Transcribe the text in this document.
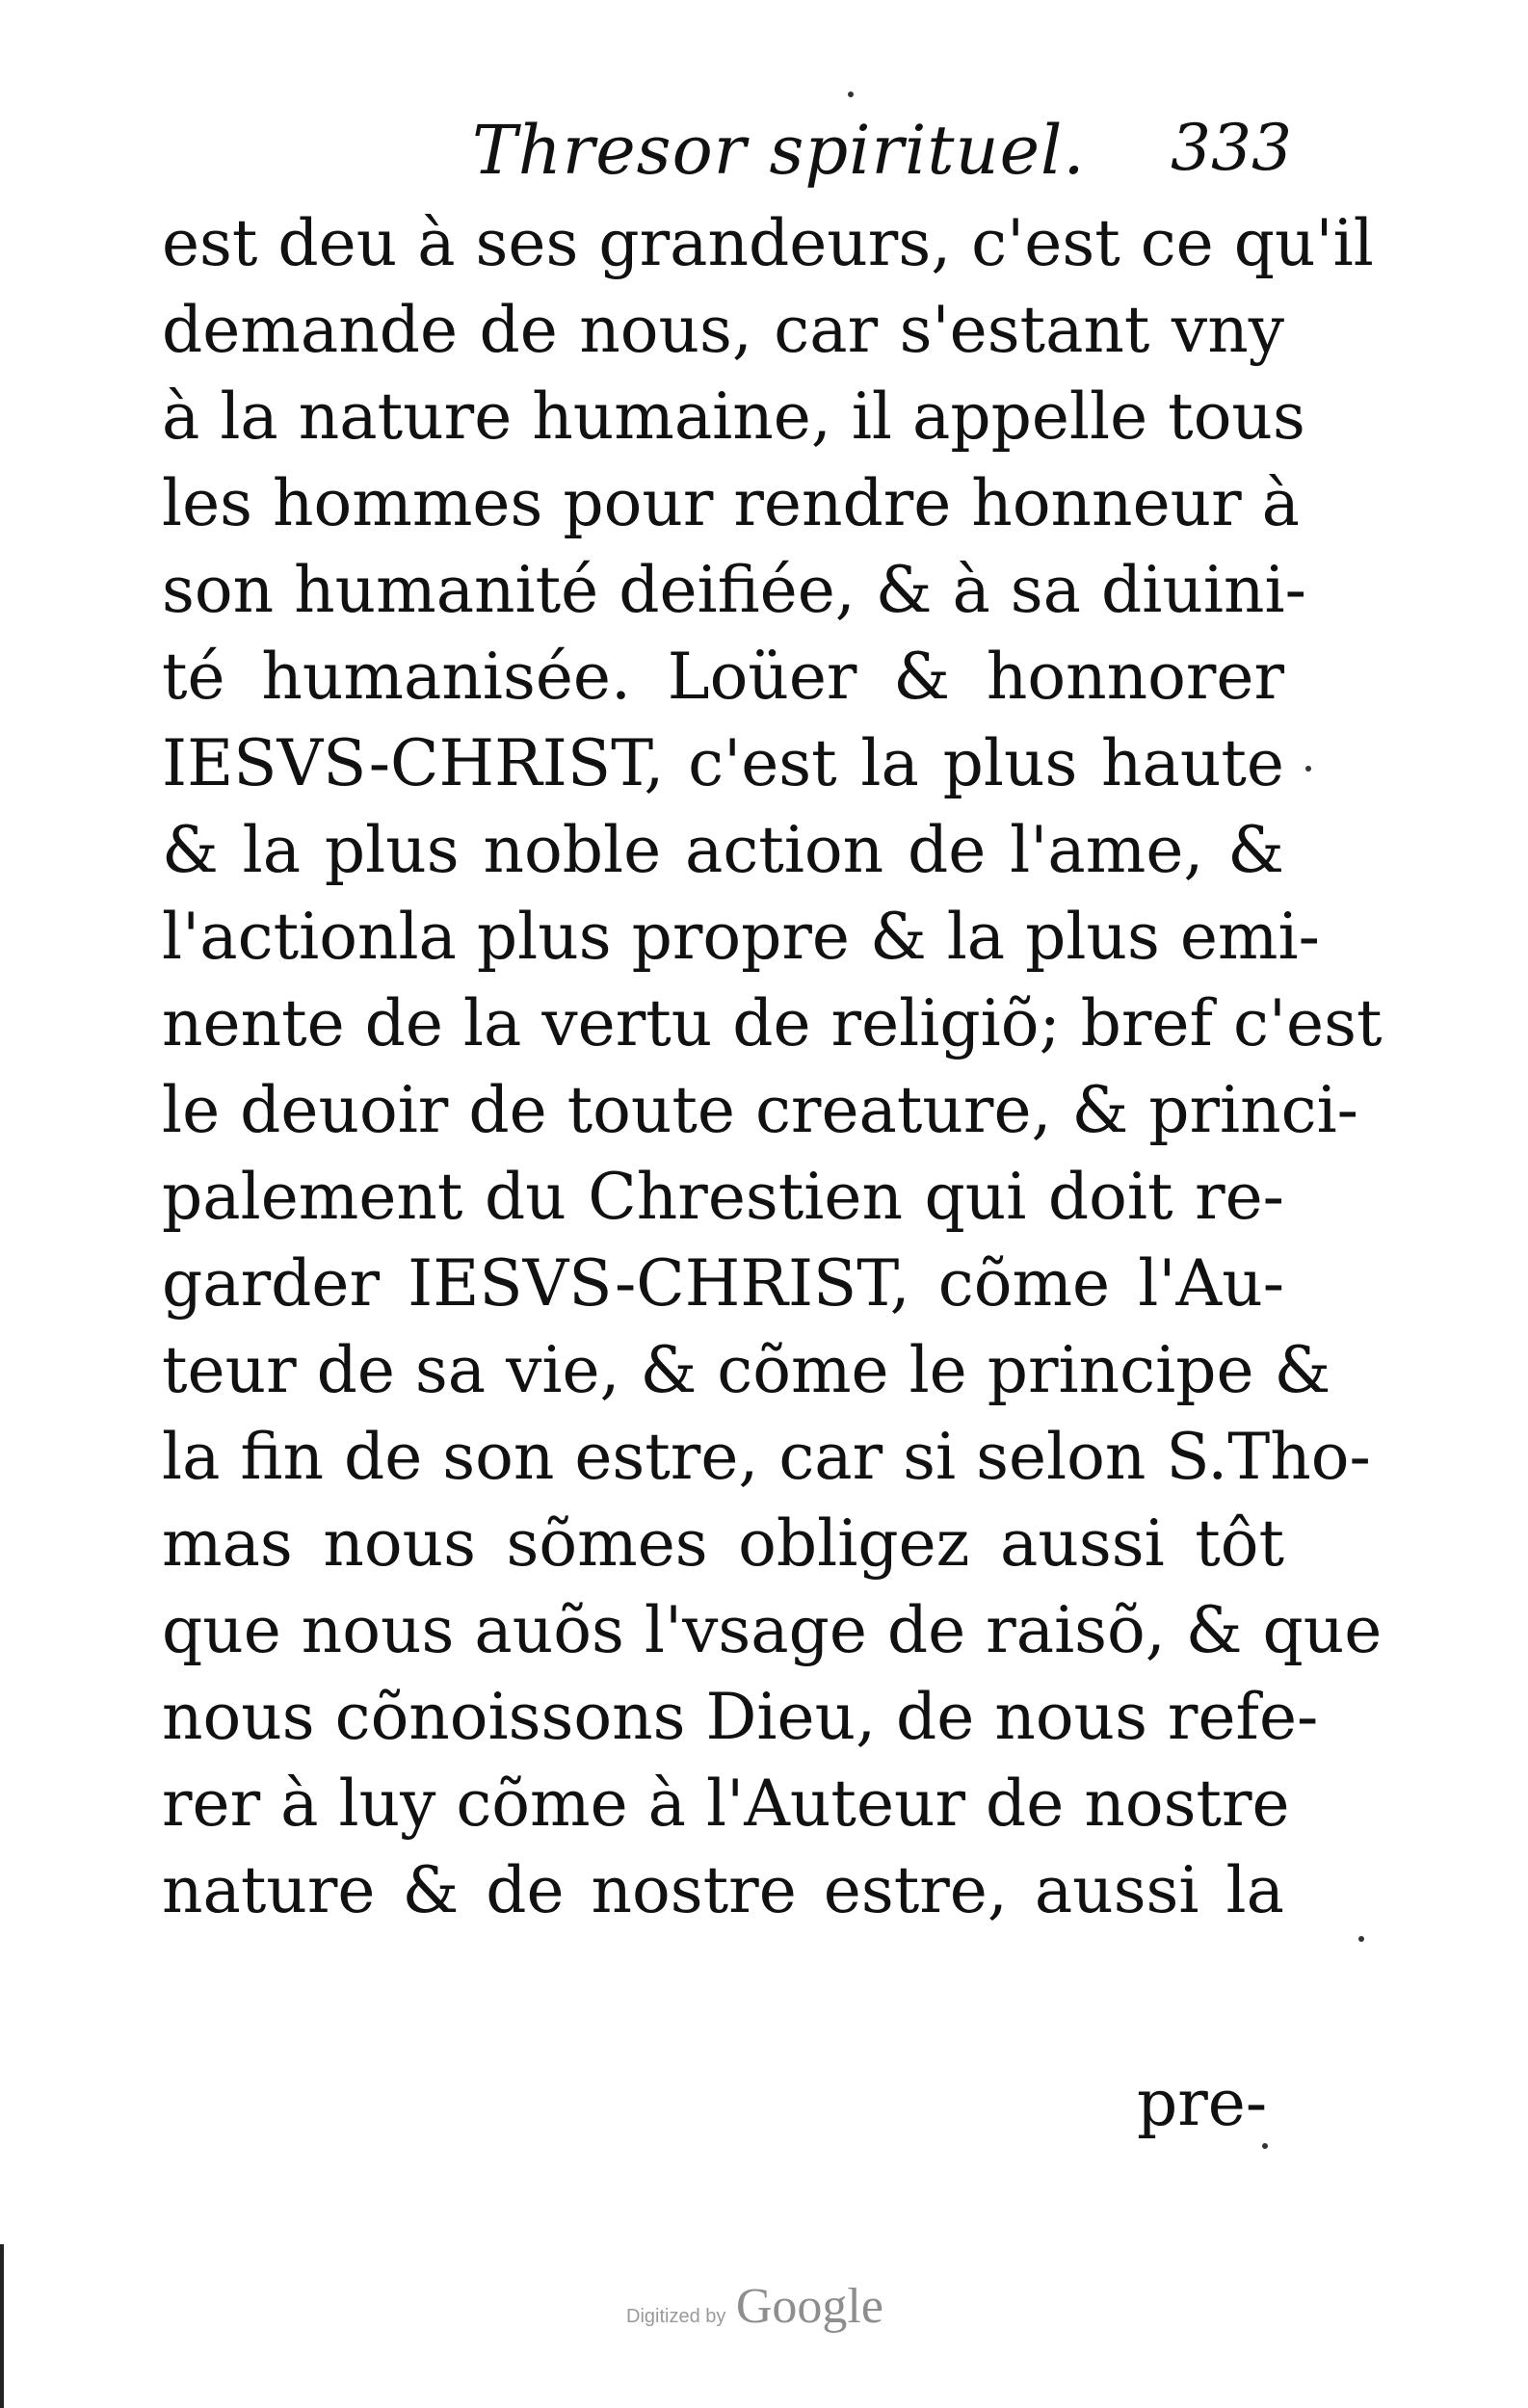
Thresor spirituel. 333
est deu à ses grandeurs, c'est ce qu'il
demande de nous, car s'estant vny
à la nature humaine, il appelle tous
les hommes pour rendre honneur à
son humanité deifiée, & à sa diuini-
té humanisée. Loüer & honnorer
IESVS-CHRIST, c'est la plus haute
& la plus noble action de l'ame, &
l'actionla plus propre & la plus emi-
nente de la vertu de religiõ; bref c'est
le deuoir de toute creature, & princi-
palement du Chrestien qui doit re-
garder IESVS-CHRIST, cõme l'Au-
teur de sa vie, & cõme le principe &
la fin de son estre, car si selon S.Tho-
mas nous sõmes obligez aussi tôt
que nous auõs l'vsage de raisõ, & que
nous cõnoissons Dieu, de nous refe-
rer à luy cõme à l'Auteur de nostre
nature & de nostre estre, aussi la
pre-
Digitized by Google
